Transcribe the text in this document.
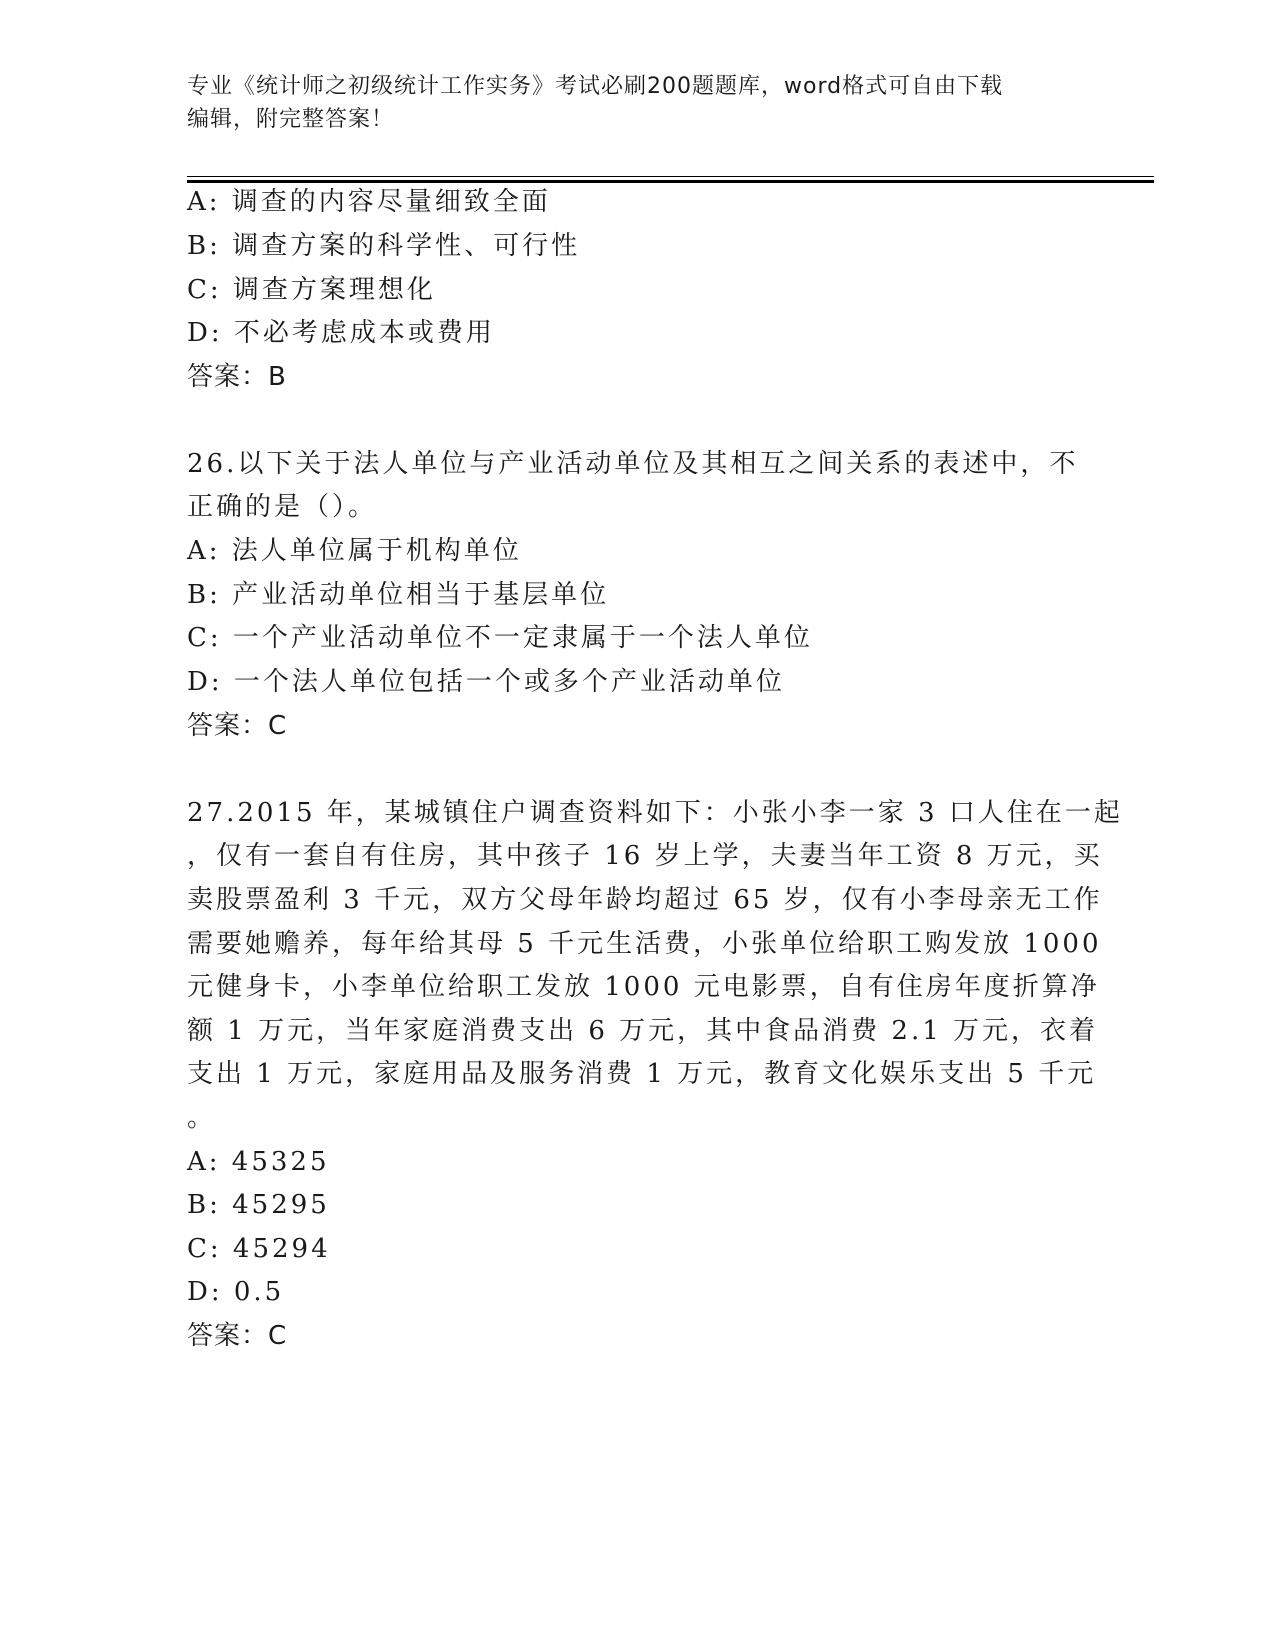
专业《统计师之初级统计工作实务》考试必刷200题题库，word格式可自由下载
编辑，附完整答案！
A: 调查的内容尽量细致全面
B: 调查方案的科学性、可行性
C: 调查方案理想化
D: 不必考虑成本或费用
答案：B
26.以下关于法人单位与产业活动单位及其相互之间关系的表述中，不
正确的是（）。
A: 法人单位属于机构单位
B: 产业活动单位相当于基层单位
C: 一个产业活动单位不一定隶属于一个法人单位
D: 一个法人单位包括一个或多个产业活动单位
答案：C
27.2015 年，某城镇住户调查资料如下：小张小李一家 3 口人住在一起
，仅有一套自有住房，其中孩子 16 岁上学，夫妻当年工资 8 万元，买
卖股票盈利 3 千元，双方父母年龄均超过 65 岁，仅有小李母亲无工作
需要她赡养，每年给其母 5 千元生活费，小张单位给职工购发放 1000
元健身卡，小李单位给职工发放 1000 元电影票，自有住房年度折算净
额 1 万元，当年家庭消费支出 6 万元，其中食品消费 2.1 万元，衣着
支出 1 万元，家庭用品及服务消费 1 万元，教育文化娱乐支出 5 千元
。
A: 45325
B: 45295
C: 45294
D: 0.5
答案：C
